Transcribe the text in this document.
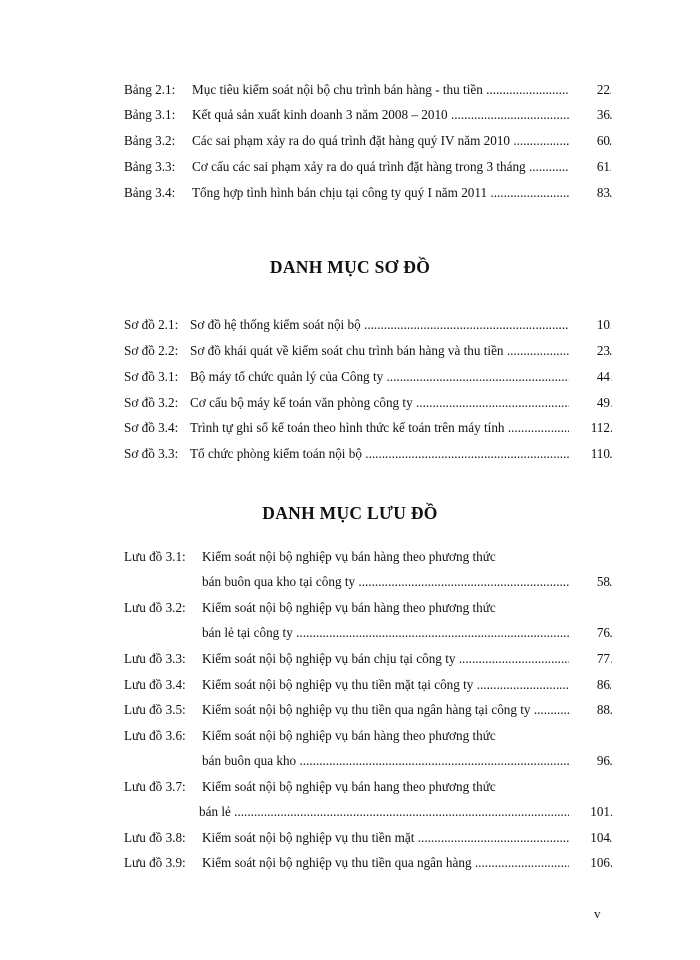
Bảng 2.1: Mục tiêu kiểm soát nội bộ chu trình bán hàng - thu tiền .....	22
Bảng 3.1: Kết quả sản xuất kinh doanh 3 năm 2008 – 2010 .....	36
Bảng 3.2: Các sai phạm xảy ra do quá trình đặt hàng quý IV năm 2010 .....	60
Bảng 3.3: Cơ cấu các sai phạm xảy ra do quá trình đặt hàng trong 3 tháng .....	61
Bảng 3.4: Tổng hợp tình hình bán chịu tại công ty quý I năm 2011 .....	83
DANH MỤC SƠ ĐỒ
Sơ đồ 2.1: Sơ đồ hệ thống kiểm soát nội bộ .....	10
Sơ đồ 2.2: Sơ đồ khái quát về kiểm soát chu trình bán hàng và thu tiền .....	23
Sơ đồ 3.1: Bộ máy tổ chức quản lý của Công ty .....	44
Sơ đồ 3.2: Cơ cấu bộ máy kế toán văn phòng công ty .....	49
Sơ đồ 3.4: Trình tự ghi sổ kế toán theo hình thức kế toán trên máy tính .....	112
Sơ đồ 3.3: Tổ chức phòng kiểm toán nội bộ .....	110
DANH MỤC LƯU ĐỒ
Lưu đồ 3.1: Kiểm soát nội bộ nghiệp vụ bán hàng theo phương thức
bán buôn qua kho tại công ty .....	58
Lưu đồ 3.2: Kiểm soát nội bộ nghiệp vụ bán hàng theo phương thức
bán lẻ tại công ty .....	76
Lưu đồ 3.3: Kiểm soát nội bộ nghiệp vụ bán chịu tại công ty .....	77
Lưu đồ 3.4: Kiểm soát nội bộ nghiệp vụ thu tiền mặt tại công ty .....	86
Lưu đồ 3.5: Kiểm soát nội bộ nghiệp vụ thu tiền qua ngân hàng tại công ty .....	88
Lưu đồ 3.6: Kiểm soát nội bộ nghiệp vụ bán hàng theo phương thức
bán buôn qua kho .....	96
Lưu đồ 3.7: Kiểm soát nội bộ nghiệp vụ bán hang theo phương thức
bán lẻ .....	101
Lưu đồ 3.8: Kiểm soát nội bộ nghiệp vụ thu tiền mặt .....	104
Lưu đồ 3.9: Kiểm soát nội bộ nghiệp vụ thu tiền qua ngân hàng .....	106
v
